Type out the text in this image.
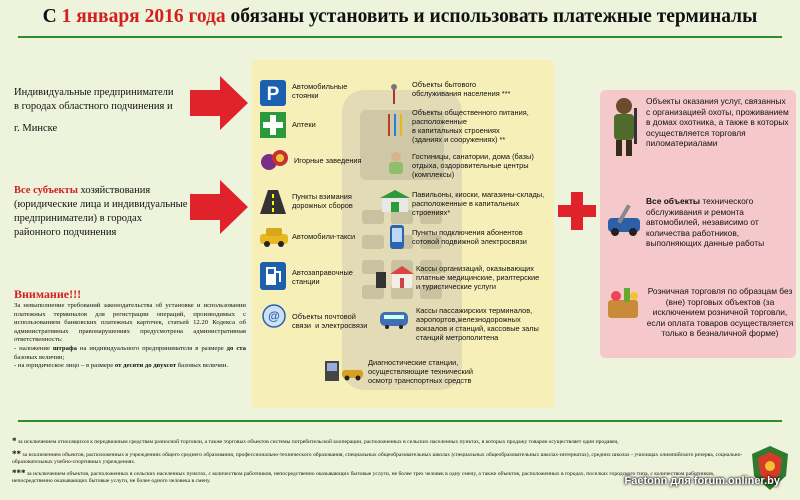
С 1 января 2016 года обязаны установить и использовать платежные терминалы
Индивидуальные предприниматели
в городах областного подчинения и
г. Минске
Все субъекты хозяйствования
(юридические лица и индивидуальные
предприниматели) в городах
районного подчинения
Внимание!!!
За невыполнение требований законодательства об установке и использовании платежных терминалов для регистрации операций, производимых с использованием банковских платежных карточек, статьей 12.20 Кодекса об административных правонарушениях предусмотрена административная ответственность:
- наложение штрафа на индивидуального предпринимателя в размере до ста базовых величин;
- на юридическое лицо – в размере от десяти до двухсот базовых величин.
P
@
Автомобильные
стоянки
Аптеки
Игорные заведения
Пункты взимания
дорожных сборов
Автомобили-такси
Автозаправочные
станции
Объекты почтовой
связи  и электросвязи
Объекты бытового
обслуживания населения ***
Объекты общественного питания,
расположенные
в капитальных строениях
(зданиях и сооружениях) **
Гостиницы, санатории, дома (базы)
отдыха, оздоровительные центры
(комплексы)
Павильоны, киоски, магазины-склады,
расположенные в капитальных
строениях*
Пункты подключения абонентов
сотовой подвижной электросвязи
Кассы организаций, оказывающих
платные медицинские, риэлтерские
и туристические услуги
Кассы пассажирских терминалов,
аэропортов,железнодорожных
вокзалов и станций, кассовые залы
станций метрополитена
Диагностические станции,
осуществляющие технический
осмотр транспортных средств
Объекты оказания услуг, связанных с организацией охоты, проживанием в домах охотника, а также в которых осуществляется торговля пиломатериалами
Все объекты технического обслуживания и ремонта автомобилей, независимо от количества работников, выполняющих данные работы
Розничная торговля по образцам без (вне) торговых объектов (за исключением розничной торговли, если оплата товаров осуществляется только в безналичной форме)
* за исключением относящихся к передвижным средствам разносной торговли, а также торговых объектов системы потребительской кооперации, расположенных в сельских населенных пунктах, в которых продажу товаров осуществляет один продавец.
** за исключением объектов, расположенных в учреждениях общего среднего образования, профессионально-технического образования, специальных общеобразовательных школах (специальных общеобразовательных школах-интернатах), средних школах - училищах олимпийского резерва, социально-образовательных учебно-спортивных учреждениях.
*** за исключением объектов, расположенных в сельских населенных пунктах, с количеством работников, непосредственно оказывающих бытовые услуги, не более трех человек в одну смену, а также объектов, расположенных в городах, поселках городского типа, с количеством работников, непосредственно оказывающих бытовые услуги, не более одного человека в смену.	Faetonn для forum.onliner.by
